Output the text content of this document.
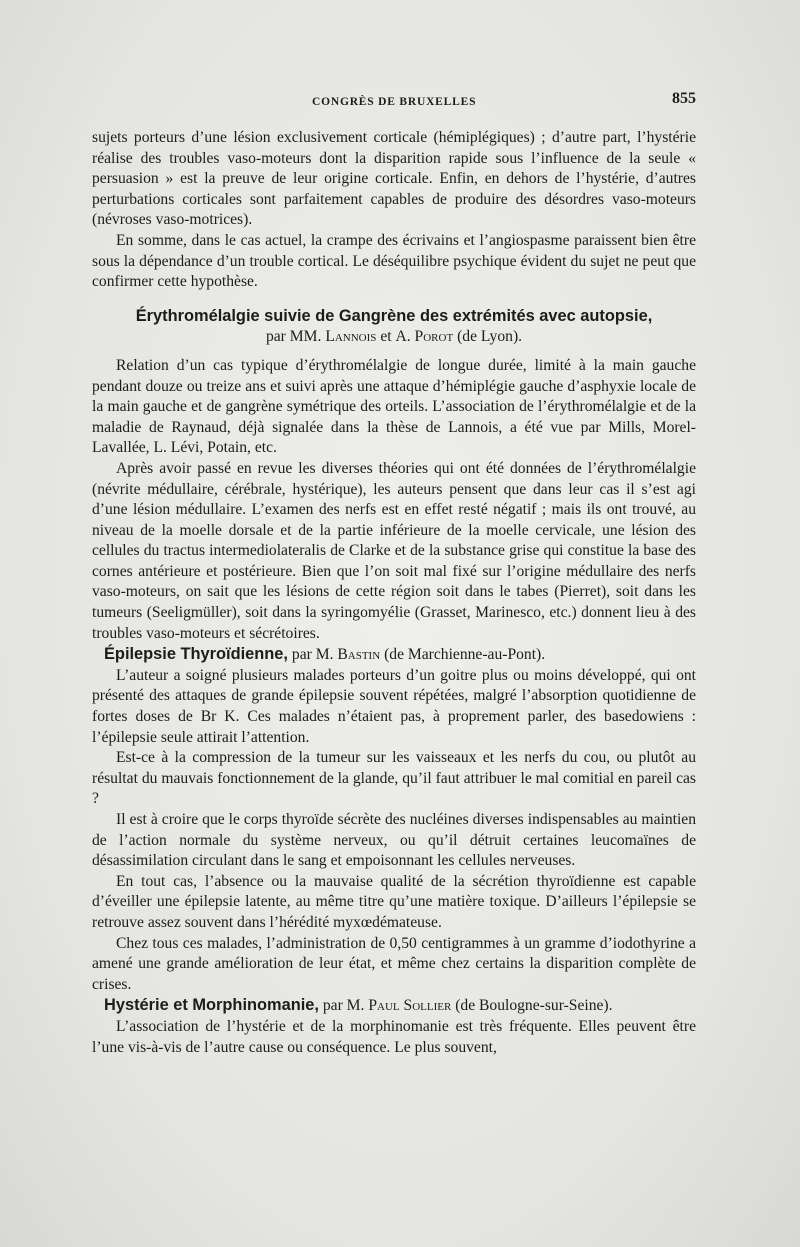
CONGRÈS DE BRUXELLES	855

sujets porteurs d’une lésion exclusivement corticale (hémiplégiques) ; d’autre part, l’hystérie réalise des troubles vaso-moteurs dont la disparition rapide sous l’influence de la seule « persuasion » est la preuve de leur origine corticale. Enfin, en dehors de l’hystérie, d’autres perturbations corticales sont parfaitement capables de produire des désordres vaso-moteurs (névroses vaso-motrices).

En somme, dans le cas actuel, la crampe des écrivains et l’angiospasme paraissent bien être sous la dépendance d’un trouble cortical. Le déséquilibre psychique évident du sujet ne peut que confirmer cette hypothèse.

Érythromélalgie suivie de Gangrène des extrémités avec autopsie,
par MM. Lannois et A. Porot (de Lyon).

Relation d’un cas typique d’érythromélalgie de longue durée, limité à la main gauche pendant douze ou treize ans et suivi après une attaque d’hémiplégie gauche d’asphyxie locale de la main gauche et de gangrène symétrique des orteils. L’association de l’érythromélalgie et de la maladie de Raynaud, déjà signalée dans la thèse de Lannois, a été vue par Mills, Morel-Lavallée, L. Lévi, Potain, etc.

Après avoir passé en revue les diverses théories qui ont été données de l’érythromélalgie (névrite médullaire, cérébrale, hystérique), les auteurs pensent que dans leur cas il s’est agi d’une lésion médullaire. L’examen des nerfs est en effet resté négatif ; mais ils ont trouvé, au niveau de la moelle dorsale et de la partie inférieure de la moelle cervicale, une lésion des cellules du tractus intermediolateralis de Clarke et de la substance grise qui constitue la base des cornes antérieure et postérieure. Bien que l’on soit mal fixé sur l’origine médullaire des nerfs vaso-moteurs, on sait que les lésions de cette région soit dans le tabes (Pierret), soit dans les tumeurs (Seeligmüller), soit dans la syringomyélie (Grasset, Marinesco, etc.) donnent lieu à des troubles vaso-moteurs et sécrétoires.

Épilepsie Thyroïdienne, par M. Bastin (de Marchienne-au-Pont).

L’auteur a soigné plusieurs malades porteurs d’un goitre plus ou moins développé, qui ont présenté des attaques de grande épilepsie souvent répétées, malgré l’absorption quotidienne de fortes doses de Br K. Ces malades n’étaient pas, à proprement parler, des basedowiens : l’épilepsie seule attirait l’attention.

Est-ce à la compression de la tumeur sur les vaisseaux et les nerfs du cou, ou plutôt au résultat du mauvais fonctionnement de la glande, qu’il faut attribuer le mal comitial en pareil cas ?

Il est à croire que le corps thyroïde sécrète des nucléines diverses indispensables au maintien de l’action normale du système nerveux, ou qu’il détruit certaines leucomaïnes de désassimilation circulant dans le sang et empoisonnant les cellules nerveuses.

En tout cas, l’absence ou la mauvaise qualité de la sécrétion thyroïdienne est capable d’éveiller une épilepsie latente, au même titre qu’une matière toxique. D’ailleurs l’épilepsie se retrouve assez souvent dans l’hérédité myxœdémateuse.

Chez tous ces malades, l’administration de 0,50 centigrammes à un gramme d’iodothyrine a amené une grande amélioration de leur état, et même chez certains la disparition complète de crises.

Hystérie et Morphinomanie, par M. Paul Sollier (de Boulogne-sur-Seine).

L’association de l’hystérie et de la morphinomanie est très fréquente. Elles peuvent être l’une vis-à-vis de l’autre cause ou conséquence. Le plus souvent,
